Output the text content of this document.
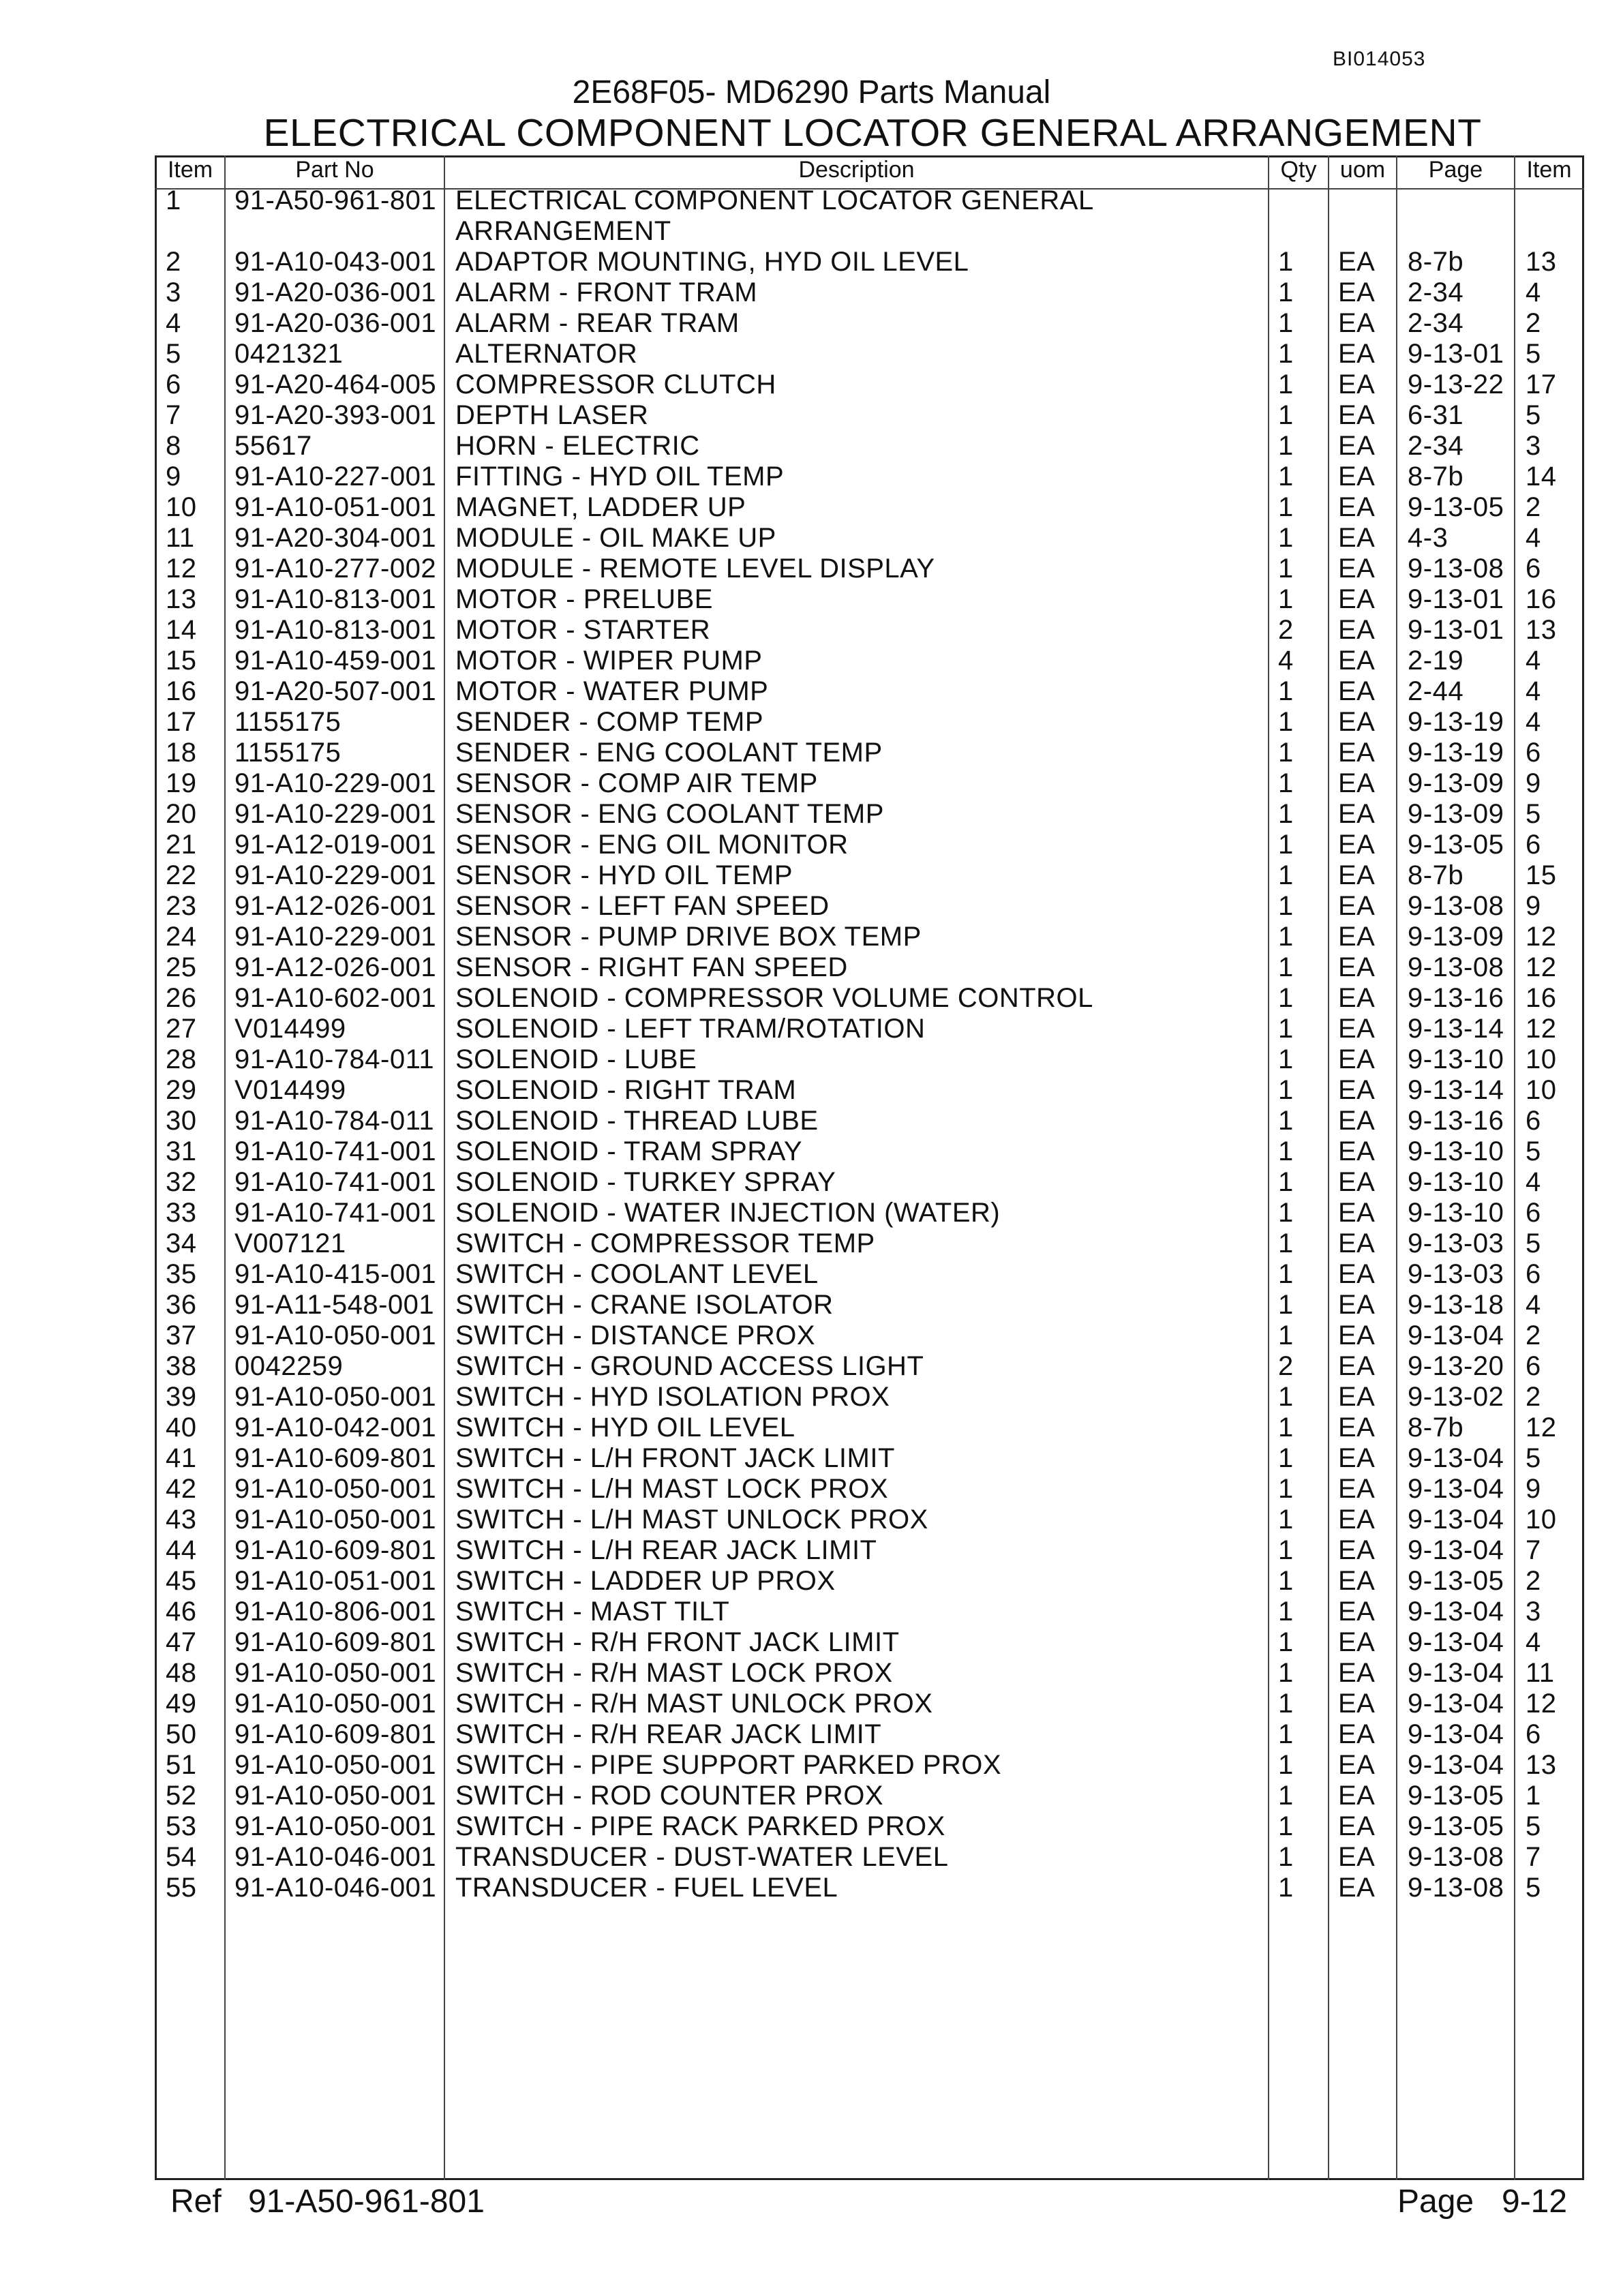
BI014053
2E68F05- MD6290 Parts Manual
ELECTRICAL COMPONENT LOCATOR GENERAL ARRANGEMENT
Item	Part No	Description	Qty	uom	Page	Item
1 91-A50-961-801 ELECTRICAL COMPONENT LOCATOR GENERAL ARRANGEMENT
2 91-A10-043-001 ADAPTOR MOUNTING, HYD OIL LEVEL	1 EA 8-7b 13
3 91-A20-036-001 ALARM - FRONT TRAM	1 EA 2-34 4
4 91-A20-036-001 ALARM - REAR TRAM	1 EA 2-34 2
5 0421321	ALTERNATOR	1 EA 9-13-01 5
6 91-A20-464-005 COMPRESSOR CLUTCH	1 EA 9-13-22 17
7 91-A20-393-001 DEPTH LASER	1 EA 6-31 5
8 55617	HORN - ELECTRIC	1 EA 2-34 3
9 91-A10-227-001 FITTING - HYD OIL TEMP	1 EA 8-7b 14
10 91-A10-051-001 MAGNET, LADDER UP	1 EA 9-13-05 2
11 91-A20-304-001 MODULE - OIL MAKE UP	1 EA 4-3	4
12 91-A10-277-002 MODULE - REMOTE LEVEL DISPLAY	1 EA 9-13-08 6
13 91-A10-813-001 MOTOR - PRELUBE	1 EA 9-13-01 16
14 91-A10-813-001 MOTOR - STARTER	2 EA 9-13-01 13
15 91-A10-459-001 MOTOR - WIPER PUMP	4 EA 2-19 4
16 91-A20-507-001 MOTOR - WATER PUMP	1 EA 2-44 4
17 1155175	SENDER - COMP TEMP	1 EA 9-13-19 4
18 1155175	SENDER - ENG COOLANT TEMP	1 EA 9-13-19 6
19 91-A10-229-001 SENSOR - COMP AIR TEMP	1 EA 9-13-09 9
20 91-A10-229-001 SENSOR - ENG COOLANT TEMP	1 EA 9-13-09 5
21 91-A12-019-001 SENSOR - ENG OIL MONITOR	1 EA 9-13-05 6
22 91-A10-229-001 SENSOR - HYD OIL TEMP	1 EA 8-7b 15
23 91-A12-026-001 SENSOR - LEFT FAN SPEED	1 EA 9-13-08 9
24 91-A10-229-001 SENSOR - PUMP DRIVE BOX TEMP	1 EA 9-13-09 12
25 91-A12-026-001 SENSOR - RIGHT FAN SPEED	1 EA 9-13-08 12
26 91-A10-602-001 SOLENOID - COMPRESSOR VOLUME CONTROL	1 EA 9-13-16 16
27 V014499	SOLENOID - LEFT TRAM/ROTATION	1 EA 9-13-14 12
28 91-A10-784-011 SOLENOID - LUBE	1 EA 9-13-10 10
29 V014499	SOLENOID - RIGHT TRAM	1 EA 9-13-14 10
30 91-A10-784-011 SOLENOID - THREAD LUBE	1 EA 9-13-16 6
31 91-A10-741-001 SOLENOID - TRAM SPRAY	1 EA 9-13-10 5
32 91-A10-741-001 SOLENOID - TURKEY SPRAY	1 EA 9-13-10 4
33 91-A10-741-001 SOLENOID - WATER INJECTION (WATER)	1 EA 9-13-10 6
34 V007121	SWITCH - COMPRESSOR TEMP	1 EA 9-13-03 5
35 91-A10-415-001 SWITCH - COOLANT LEVEL	1 EA 9-13-03 6
36 91-A11-548-001 SWITCH - CRANE ISOLATOR	1 EA 9-13-18 4
37 91-A10-050-001 SWITCH - DISTANCE PROX	1 EA 9-13-04 2
38 0042259	SWITCH - GROUND ACCESS LIGHT	2 EA 9-13-20 6
39 91-A10-050-001 SWITCH - HYD ISOLATION PROX	1 EA 9-13-02 2
40 91-A10-042-001 SWITCH - HYD OIL LEVEL	1 EA 8-7b 12
41 91-A10-609-801 SWITCH - L/H FRONT JACK LIMIT	1 EA 9-13-04 5
42 91-A10-050-001 SWITCH - L/H MAST LOCK PROX	1 EA 9-13-04 9
43 91-A10-050-001 SWITCH - L/H MAST UNLOCK PROX	1 EA 9-13-04 10
44 91-A10-609-801 SWITCH - L/H REAR JACK LIMIT	1 EA 9-13-04 7
45 91-A10-051-001 SWITCH - LADDER UP PROX	1 EA 9-13-05 2
46 91-A10-806-001 SWITCH - MAST TILT	1 EA 9-13-04 3
47 91-A10-609-801 SWITCH - R/H FRONT JACK LIMIT	1 EA 9-13-04 4
48 91-A10-050-001 SWITCH - R/H MAST LOCK PROX	1 EA 9-13-04 11
49 91-A10-050-001 SWITCH - R/H MAST UNLOCK PROX	1 EA 9-13-04 12
50 91-A10-609-801 SWITCH - R/H REAR JACK LIMIT	1 EA 9-13-04 6
51 91-A10-050-001 SWITCH - PIPE SUPPORT PARKED PROX	1 EA 9-13-04 13
52 91-A10-050-001 SWITCH - ROD COUNTER PROX	1 EA 9-13-05 1
53 91-A10-050-001 SWITCH - PIPE RACK PARKED PROX	1 EA 9-13-05 5
54 91-A10-046-001 TRANSDUCER - DUST-WATER LEVEL	1 EA 9-13-08 7
55 91-A10-046-001 TRANSDUCER - FUEL LEVEL	1 EA 9-13-08 5
Ref 91-A50-961-801	Page 9-12
